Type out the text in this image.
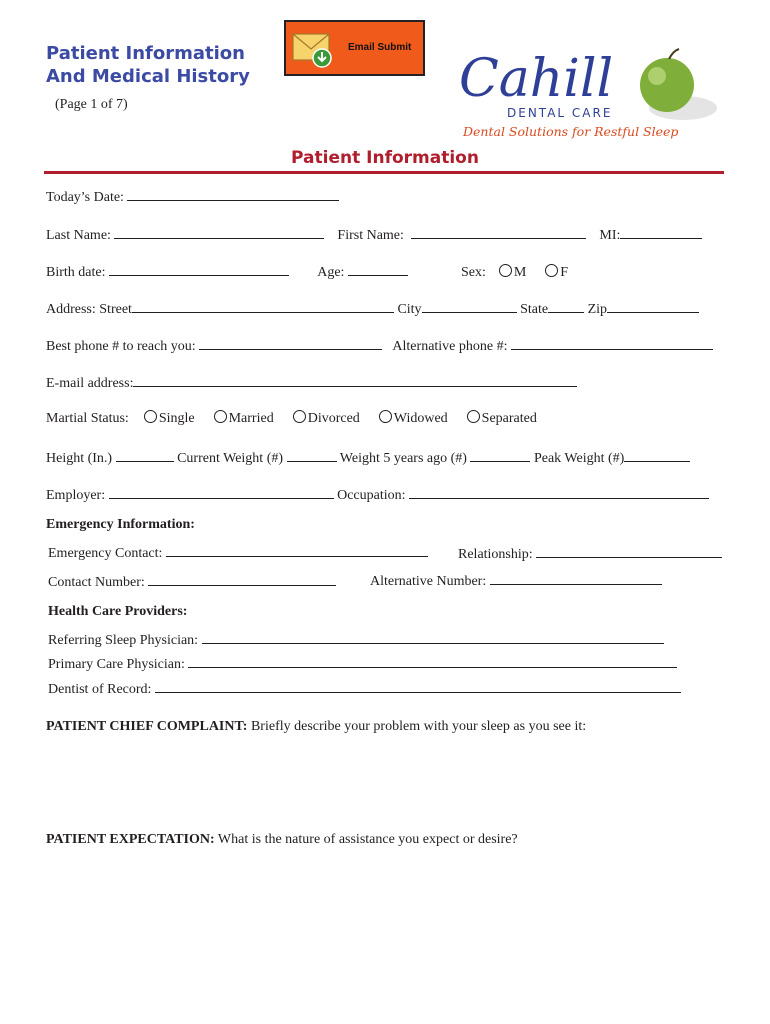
Patient Information
And Medical History
(Page 1 of 7)
Email Submit
Cahill
DENTAL CARE
Dental Solutions for Restful Sleep
Patient Information
Today’s Date:
Last Name:	First Name:	MI:
Birth date:	Age:	Sex: M F
Address: Street	City	State	Zip
Best phone # to reach you:	Alternative phone #:
E-mail address:
Martial Status: Single Married Divorced Widowed Separated
Height (In.)	Current Weight (#)	Weight 5 years ago (#)	Peak Weight (#)
Employer:	Occupation:
Emergency Information:
Emergency Contact:	Relationship:
Contact Number:	Alternative Number:
Health Care Providers:
Referring Sleep Physician:
Primary Care Physician:
Dentist of Record:
PATIENT CHIEF COMPLAINT: Briefly describe your problem with your sleep as you see it:
PATIENT EXPECTATION: What is the nature of assistance you expect or desire?
